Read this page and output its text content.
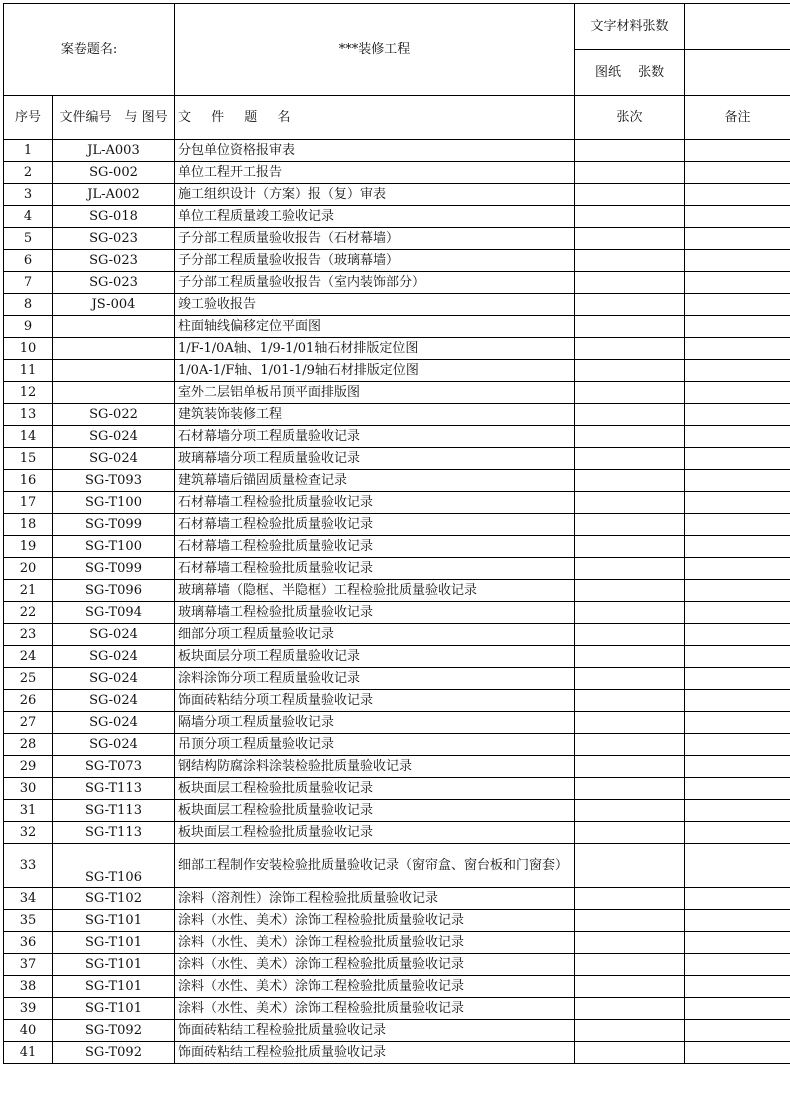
案卷题名:		***装修工程	文字材料张数	
			图纸　 张数	
序号	文件编号　与 图号	文 件 题 名	张次	备注
1	JL-A003	分包单位资格报审表		
2	SG-002	单位工程开工报告		
3	JL-A002	施工组织设计（方案）报（复）审表		
4	SG-018	单位工程质量竣工验收记录		
5	SG-023	子分部工程质量验收报告（石材幕墙）		
6	SG-023	子分部工程质量验收报告（玻璃幕墙）		
7	SG-023	子分部工程质量验收报告（室内装饰部分）		
8	JS-004	竣工验收报告		
9		柱面轴线偏移定位平面图		
10		1/F-1/0A轴、1/9-1/01轴石材排版定位图		
11		1/0A-1/F轴、1/01-1/9轴石材排版定位图		
12		室外二层铝单板吊顶平面排版图		
13	SG-022	建筑装饰装修工程		
14	SG-024	石材幕墙分项工程质量验收记录		
15	SG-024	玻璃幕墙分项工程质量验收记录		
16	SG-T093	建筑幕墙后锚固质量检查记录		
17	SG-T100	石材幕墙工程检验批质量验收记录		
18	SG-T099	石材幕墙工程检验批质量验收记录		
19	SG-T100	石材幕墙工程检验批质量验收记录		
20	SG-T099	石材幕墙工程检验批质量验收记录		
21	SG-T096	玻璃幕墙（隐框、半隐框）工程检验批质量验收记录		
22	SG-T094	玻璃幕墙工程检验批质量验收记录		
23	SG-024	细部分项工程质量验收记录		
24	SG-024	板块面层分项工程质量验收记录		
25	SG-024	涂料涂饰分项工程质量验收记录		
26	SG-024	饰面砖粘结分项工程质量验收记录		
27	SG-024	隔墙分项工程质量验收记录		
28	SG-024	吊顶分项工程质量验收记录		
29	SG-T073	钢结构防腐涂料涂装检验批质量验收记录		
30	SG-T113	板块面层工程检验批质量验收记录		
31	SG-T113	板块面层工程检验批质量验收记录		
32	SG-T113	板块面层工程检验批质量验收记录		
33	SG-T106	细部工程制作安装检验批质量验收记录（窗帘盒、窗台板和门窗套）		
34	SG-T102	涂料（溶剂性）涂饰工程检验批质量验收记录		
35	SG-T101	涂料（水性、美术）涂饰工程检验批质量验收记录		
36	SG-T101	涂料（水性、美术）涂饰工程检验批质量验收记录		
37	SG-T101	涂料（水性、美术）涂饰工程检验批质量验收记录		
38	SG-T101	涂料（水性、美术）涂饰工程检验批质量验收记录		
39	SG-T101	涂料（水性、美术）涂饰工程检验批质量验收记录		
40	SG-T092	饰面砖粘结工程检验批质量验收记录		
41	SG-T092	饰面砖粘结工程检验批质量验收记录		
